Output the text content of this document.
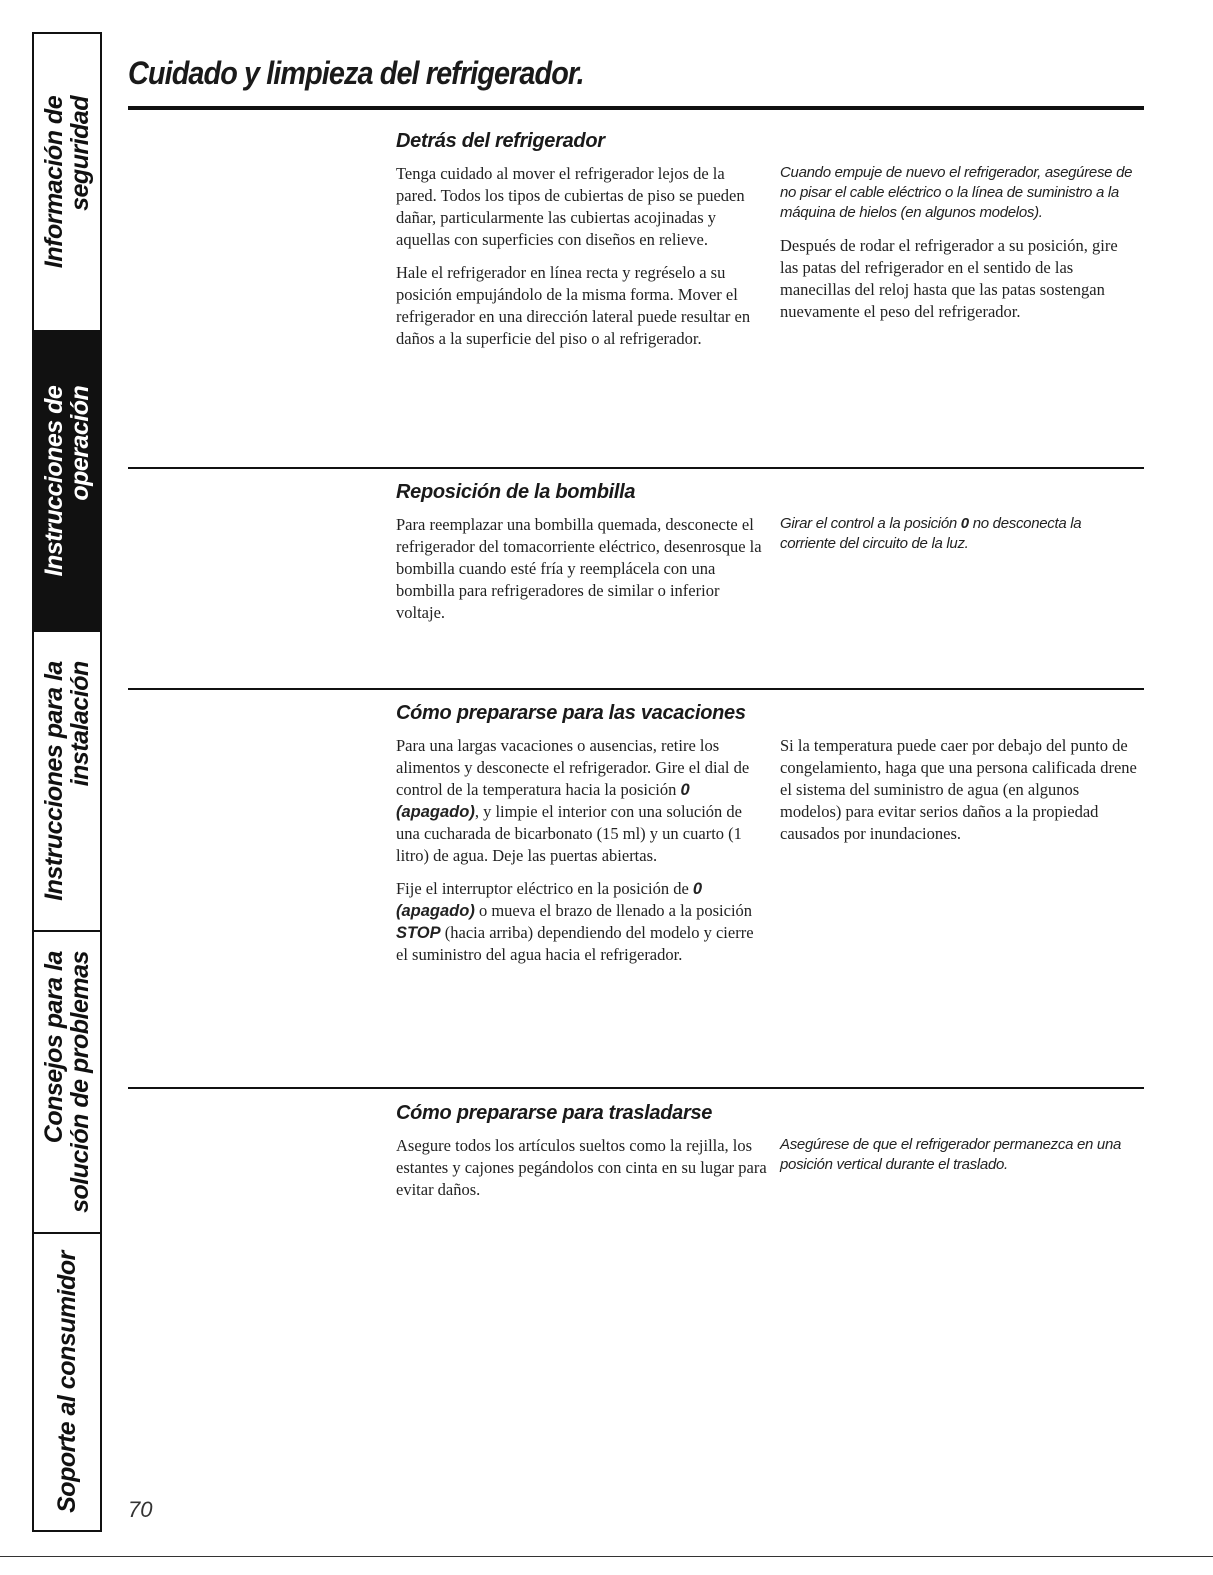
Información de
seguridad
Instrucciones de
operación
Instrucciones para la
instalación
Consejos para la
solución de problemas
Soporte al consumidor
Cuidado y limpieza del refrigerador.
Detrás del refrigerador

Tenga cuidado al mover el refrigerador lejos de la pared. Todos los tipos de cubiertas de piso se pueden dañar, particularmente las cubiertas acojinadas y aquellas con superficies con diseños en relieve.

Hale el refrigerador en línea recta y regréselo a su posición empujándolo de la misma forma. Mover el refrigerador en una dirección lateral puede resultar en daños a la superficie del piso o al refrigerador.

Cuando empuje de nuevo el refrigerador, asegúrese de no pisar el cable eléctrico o la línea de suministro a la máquina de hielos (en algunos modelos).

Después de rodar el refrigerador a su posición, gire las patas del refrigerador en el sentido de las manecillas del reloj hasta que las patas sostengan nuevamente el peso del refrigerador.

Reposición de la bombilla

Para reemplazar una bombilla quemada, desconecte el refrigerador del tomacorriente eléctrico, desenrosque la bombilla cuando esté fría y reemplácela con una bombilla para refrigeradores de similar o inferior voltaje.

Girar el control a la posición 0 no desconecta la corriente del circuito de la luz.

Cómo prepararse para las vacaciones

Para una largas vacaciones o ausencias, retire los alimentos y desconecte el refrigerador. Gire el dial de control de la temperatura hacia la posición 0 (apagado), y limpie el interior con una solución de una cucharada de bicarbonato (15 ml) y un cuarto (1 litro) de agua. Deje las puertas abiertas.

Fije el interruptor eléctrico en la posición de 0 (apagado) o mueva el brazo de llenado a la posición STOP (hacia arriba) dependiendo del modelo y cierre el suministro del agua hacia el refrigerador.

Si la temperatura puede caer por debajo del punto de congelamiento, haga que una persona calificada drene el sistema del suministro de agua (en algunos modelos) para evitar serios daños a la propiedad causados por inundaciones.

Cómo prepararse para trasladarse

Asegure todos los artículos sueltos como la rejilla, los estantes y cajones pegándolos con cinta en su lugar para evitar daños.

Asegúrese de que el refrigerador permanezca en una posición vertical durante el traslado.

70
